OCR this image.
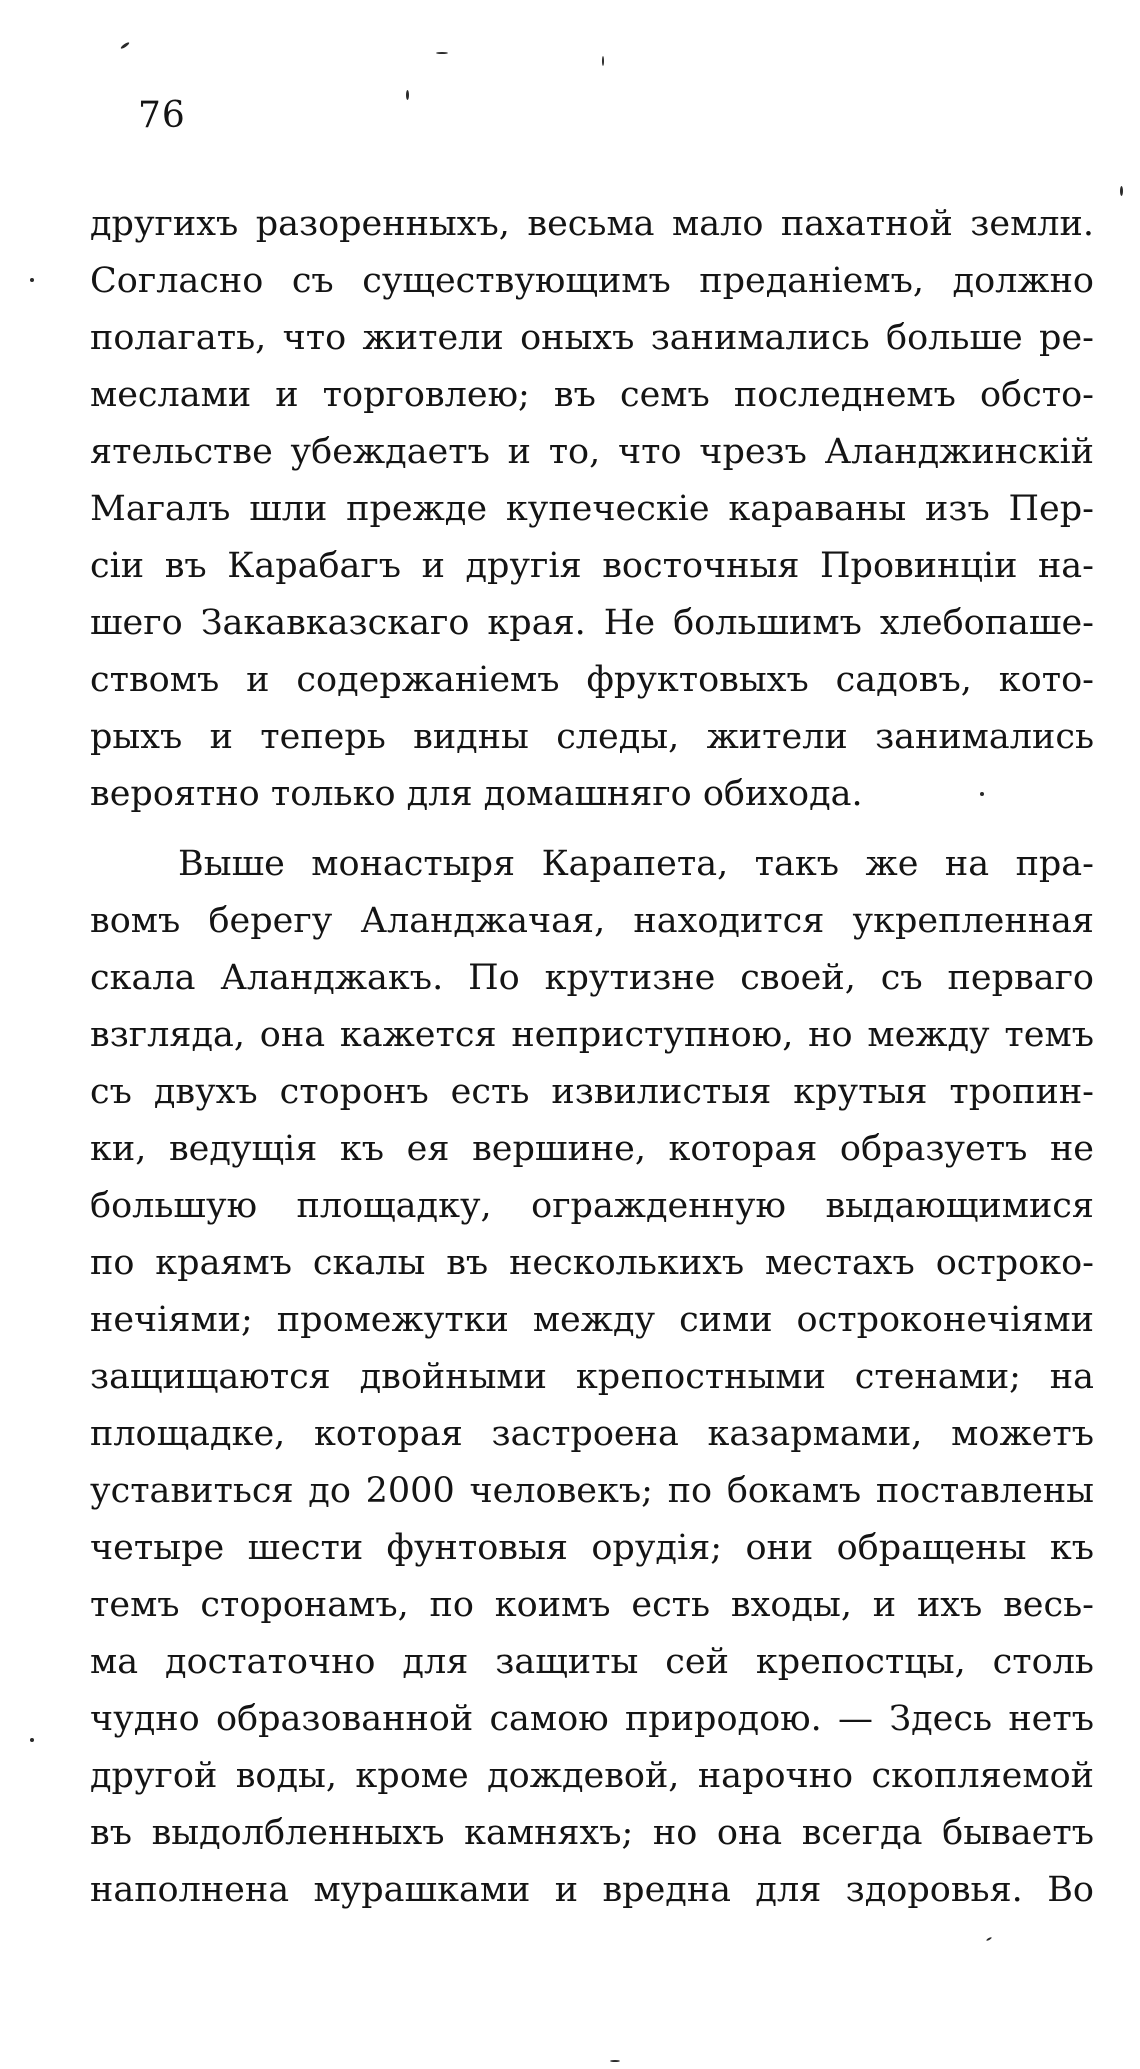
76
другихъ разоренныхъ, весьма мало пахатной земли.
Согласно съ существующимъ преданіемъ, должно
полагать, что жители оныхъ занимались больше ре-
меслами и торговлею; въ семъ последнемъ обсто-
ятельстве убеждаетъ и то, что чрезъ Аланджинскій
Магалъ шли прежде купеческіе караваны изъ Пер-
сіи въ Карабагъ и другія восточныя Провинціи на-
шего Закавказскаго края. Не большимъ хлебопаше-
ствомъ и содержаніемъ фруктовыхъ садовъ, кото-
рыхъ и теперь видны следы, жители занимались
вероятно только для домашняго обихода.
Выше монастыря Карапета, такъ же на пра-
вомъ берегу Аланджачая, находится укрепленная
скала Аланджакъ. По крутизне своей, съ перваго
взгляда, она кажется неприступною, но между темъ
съ двухъ сторонъ есть извилистыя крутыя тропин-
ки, ведущія къ ея вершине, которая образуетъ не
большую площадку, огражденную выдающимися
по краямъ скалы въ несколькихъ местахъ остроко-
нечіями; промежутки между сими остроконечіями
защищаются двойными крепостными стенами; на
площадке, которая застроена казармами, можетъ
уставиться до 2000 человекъ; по бокамъ поставлены
четыре шести фунтовыя орудія; они обращены къ
темъ сторонамъ, по коимъ есть входы, и ихъ весь-
ма достаточно для защиты сей крепостцы, столь
чудно образованной самою природою. — Здесь нетъ
другой воды, кроме дождевой, нарочно скопляемой
въ выдолбленныхъ камняхъ; но она всегда бываетъ
наполнена мурашками и вредна для здоровья. Во
